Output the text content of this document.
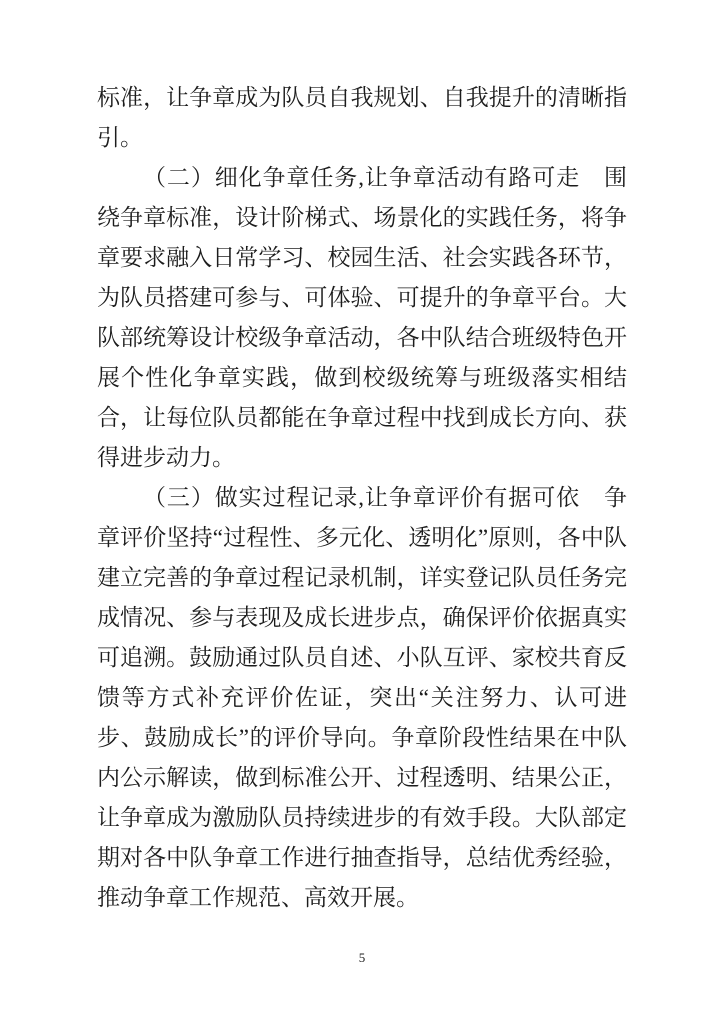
标准，让争章成为队员自我规划、自我提升的清晰指引。

（二）细化争章任务,让争章活动有路可走　围绕争章标准，设计阶梯式、场景化的实践任务，将争章要求融入日常学习、校园生活、社会实践各环节，为队员搭建可参与、可体验、可提升的争章平台。大队部统筹设计校级争章活动，各中队结合班级特色开展个性化争章实践，做到校级统筹与班级落实相结合，让每位队员都能在争章过程中找到成长方向、获得进步动力。

（三）做实过程记录,让争章评价有据可依　争章评价坚持“过程性、多元化、透明化”原则，各中队建立完善的争章过程记录机制，详实登记队员任务完成情况、参与表现及成长进步点，确保评价依据真实可追溯。鼓励通过队员自述、小队互评、家校共育反馈等方式补充评价佐证，突出“关注努力、认可进步、鼓励成长”的评价导向。争章阶段性结果在中队内公示解读，做到标准公开、过程透明、结果公正，让争章成为激励队员持续进步的有效手段。大队部定期对各中队争章工作进行抽查指导，总结优秀经验，推动争章工作规范、高效开展。

5
